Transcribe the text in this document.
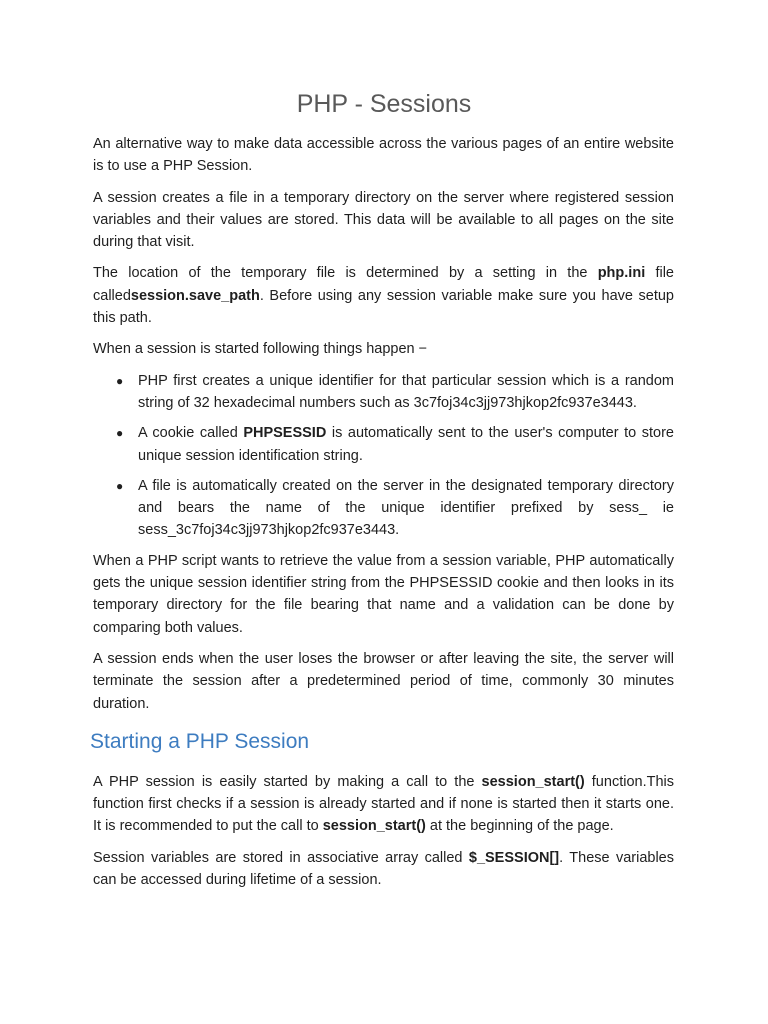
PHP - Sessions

An alternative way to make data accessible across the various pages of an entire website is to use a PHP Session.

A session creates a file in a temporary directory on the server where registered session variables and their values are stored. This data will be available to all pages on the site during that visit.

The location of the temporary file is determined by a setting in the php.ini file calledsession.save_path. Before using any session variable make sure you have setup this path.

When a session is started following things happen −

● PHP first creates a unique identifier for that particular session which is a random string of 32 hexadecimal numbers such as 3c7foj34c3jj973hjkop2fc937e3443.
● A cookie called PHPSESSID is automatically sent to the user's computer to store unique session identification string.
● A file is automatically created on the server in the designated temporary directory and bears the name of the unique identifier prefixed by sess_ ie sess_3c7foj34c3jj973hjkop2fc937e3443.

When a PHP script wants to retrieve the value from a session variable, PHP automatically gets the unique session identifier string from the PHPSESSID cookie and then looks in its temporary directory for the file bearing that name and a validation can be done by comparing both values.

A session ends when the user loses the browser or after leaving the site, the server will terminate the session after a predetermined period of time, commonly 30 minutes duration.

Starting a PHP Session

A PHP session is easily started by making a call to the session_start() function.This function first checks if a session is already started and if none is started then it starts one. It is recommended to put the call to session_start() at the beginning of the page.

Session variables are stored in associative array called $_SESSION[]. These variables can be accessed during lifetime of a session.
